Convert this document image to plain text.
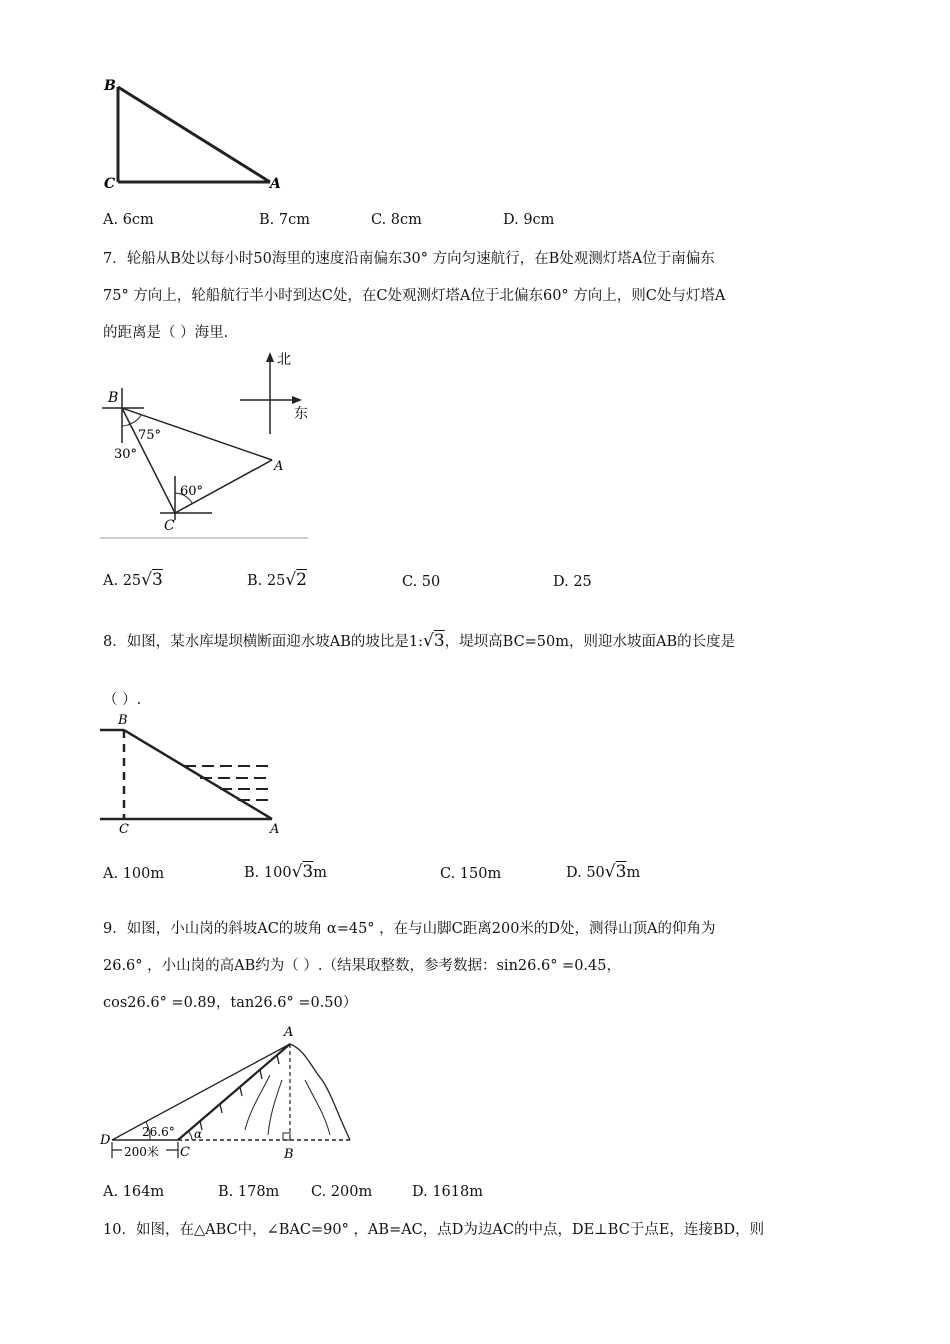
B
C	A
A. 6cm	B. 7cm	C. 8cm	D. 9cm
7．轮船从B处以每小时50海里的速度沿南偏东30° 方向匀速航行，在B处观测灯塔A位于南偏东
75° 方向上，轮船航行半小时到达C处，在C处观测灯塔A位于北偏东60° 方向上，则C处与灯塔A
的距离是（ ）海里.
北
东
B
A
C
75°
30°
60°
A. 25√3	B. 25√2	C. 50	D. 25
8．如图，某水库堤坝横断面迎水坡AB的坡比是1:√3，堤坝高BC=50m，则迎水坡面AB的长度是
（ ）.
B
C	A
A. 100m	B. 100√3m	C. 150m	D. 50√3m
9．如图，小山岗的斜坡AC的坡角 α=45° ，在与山脚C距离200米的D处，测得山顶A的仰角为
26.6° ，小山岗的高AB约为（ ）.（结果取整数，参考数据：sin26.6° =0.45，
cos26.6° =0.89，tan26.6° =0.50）
A
D
C	B
26.6° α
200米
A. 164m	B. 178m C. 200m	D. 1618m
10．如图，在△ABC中，∠BAC=90° ，AB=AC，点D为边AC的中点，DE⊥BC于点E，连接BD，则
